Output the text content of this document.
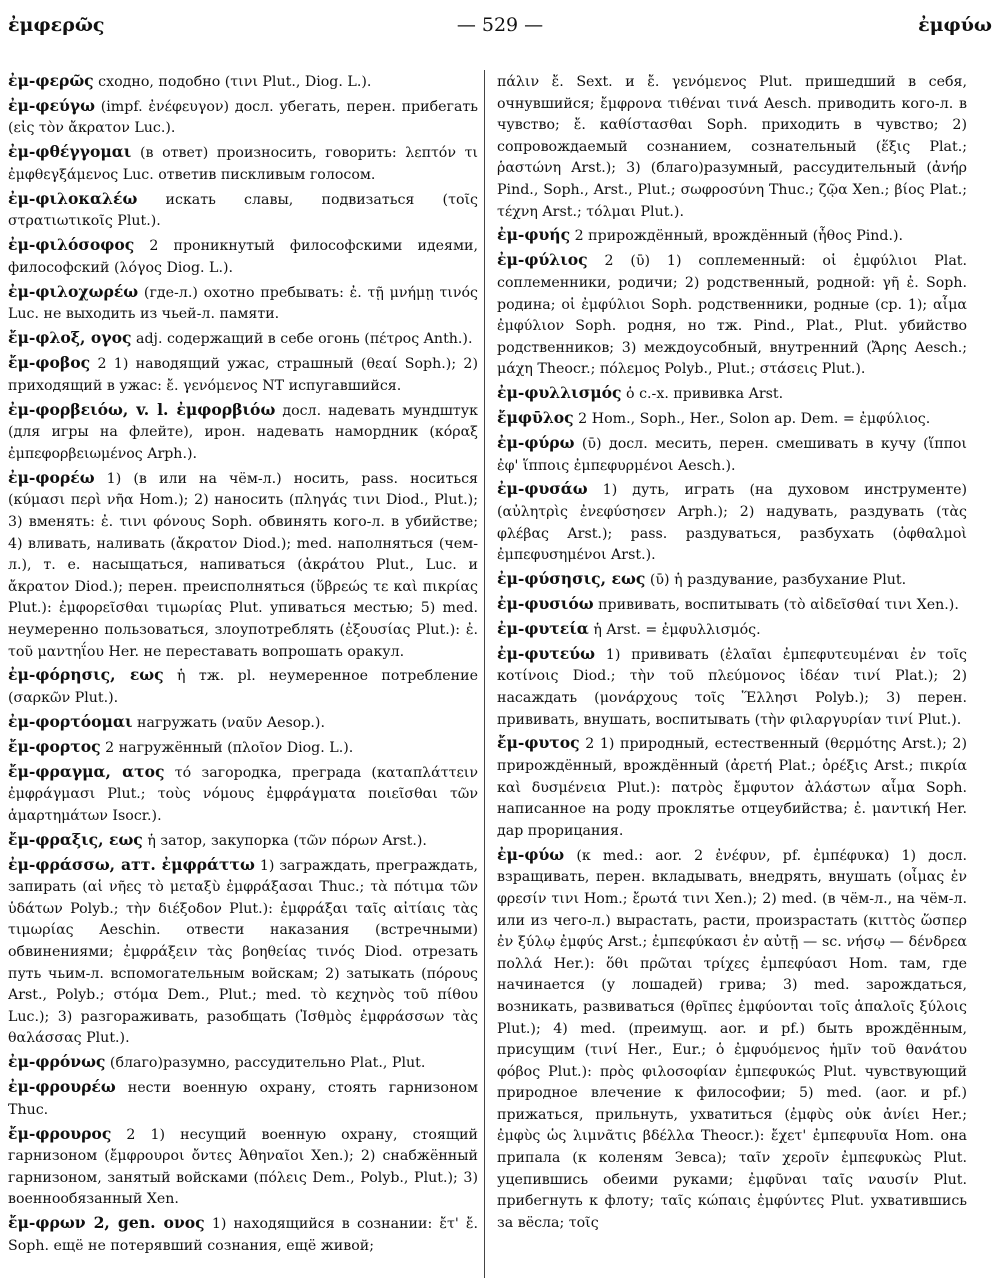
ἐμφερῶς	— 529 —	ἐμφύω
ἐμ-φερῶς сходно, подобно (τινι Plut., Diog. L.).
ἐμ-φεύγω (impf. ἐνέφευγον) досл. убегать, перен. прибегать (εἰς τὸν ἄκρατον Luc.).
ἐμ-φθέγγομαι (в ответ) произносить, говорить: λεπτόν τι ἐμφθεγξάμενος Luc. ответив пискливым голосом.
ἐμ-φιλοκαλέω искать славы, подвизаться (τοῖς στρατιωτικοῖς Plut.).
ἐμ-φιλόσοφος 2 проникнутый философскими идеями, философский (λόγος Diog. L.).
ἐμ-φιλοχωρέω (где-л.) охотно пребывать: ἐ. τῇ μνήμῃ τινός Luc. не выходить из чьей-л. памяти.
ἔμ-φλοξ, ογος adj. содержащий в себе огонь (πέτρος Anth.).
ἔμ-φοβος 2 1) наводящий ужас, страшный (θεαί Soph.); 2) приходящий в ужас: ἔ. γενόμενος NT испугавшийся.
ἐμ-φορβειόω, v. l. ἐμφορβιόω досл. надевать мундштук (для игры на флейте), ирон. надевать намордник (κόραξ ἐμπεφορβειωμένος Arph.).
ἐμ-φορέω 1) (в или на чём-л.) носить, pass. носиться (κύμασι περὶ νῆα Hom.); 2) наносить (πληγάς τινι Diod., Plut.); 3) вменять: ἐ. τινι φόνους Soph. обвинять кого-л. в убийстве; 4) вливать, наливать (ἄκρατον Diod.); med. наполняться (чем-л.), т. е. насыщаться, напиваться (ἀκράτου Plut., Luc. и ἄκρατον Diod.); перен. преисполняться (ὕβρεώς τε καὶ πικρίας Plut.): ἐμφορεῖσθαι τιμωρίας Plut. упиваться местью; 5) med. неумеренно пользоваться, злоупотреблять (ἐξουσίας Plut.): ἐ. τοῦ μαντηΐου Her. не переставать вопрошать оракул.
ἐμ-φόρησις, εως ἡ тж. pl. неумеренное потребление (σαρκῶν Plut.).
ἐμ-φορτόομαι нагружать (ναῦν Aesop.).
ἔμ-φορτος 2 нагружённый (πλοῖον Diog. L.).
ἔμ-φραγμα, ατος τό загородка, преграда (καταπλάττειν ἐμφράγμασι Plut.; τοὺς νόμους ἐμφράγματα ποιεῖσθαι τῶν ἁμαρτημάτων Isocr.).
ἔμ-φραξις, εως ἡ затор, закупорка (τῶν πόρων Arst.).
ἐμ-φράσσω, атт. ἐμφράττω 1) заграждать, преграждать, запирать (αἱ νῆες τὸ μεταξὺ ἐμφράξασαι Thuc.; τὰ πότιμα τῶν ὑδάτων Polyb.; τὴν διέξοδον Plut.): ἐμφράξαι ταῖς αἰτίαις τὰς τιμωρίας Aeschin. отвести наказания (встречными) обвинениями; ἐμφράξειν τὰς βοηθείας τινός Diod. отрезать путь чьим-л. вспомогательным войскам; 2) затыкать (πόρους Arst., Polyb.; στόμα Dem., Plut.; med. τὸ κεχηνὸς τοῦ πίθου Luc.); 3) разгораживать, разобщать (Ἰσθμὸς ἐμφράσσων τὰς θαλάσσας Plut.).
ἐμ-φρόνως (благо)разумно, рассудительно Plat., Plut.
ἐμ-φρουρέω нести военную охрану, стоять гарнизоном Thuc.
ἔμ-φρουρος 2 1) несущий военную охрану, стоящий гарнизоном (ἔμφρουροι ὄντες Ἀθηναῖοι Xen.); 2) снабжённый гарнизоном, занятый войсками (πόλεις Dem., Polyb., Plut.); 3) военнообязанный Xen.
ἔμ-φρων 2, gen. ονος 1) находящийся в сознании: ἔτ' ἔ. Soph. ещё не потерявший сознания, ещё живой;
πάλιν ἔ. Sext. и ἔ. γενόμενος Plut. пришедший в себя, очнувшийся; ἔμφρονα τιθέναι τινά Aesch. приводить кого-л. в чувство; ἔ. καθίστασθαι Soph. приходить в чувство; 2) сопровождаемый сознанием, сознательный (ἕξις Plat.; ῥαστώνη Arst.); 3) (благо)разумный, рассудительный (ἀνήρ Pind., Soph., Arst., Plut.; σωφροσύνη Thuc.; ζῷα Xen.; βίος Plat.; τέχνη Arst.; τόλμαι Plut.).
ἐμ-φυής 2 прирождённый, врождённый (ἦθος Pind.).
ἐμ-φύλιος 2 (ῡ) 1) соплеменный: οἱ ἐμφύλιοι Plat. соплеменники, родичи; 2) родственный, родной: γῆ ἐ. Soph. родина; οἱ ἐμφύλιοι Soph. родственники, родные (ср. 1); αἷμα ἐμφύλιον Soph. родня, но тж. Pind., Plat., Plut. убийство родственников; 3) междоусобный, внутренний (Ἄρης Aesch.; μάχη Theocr.; πόλεμος Polyb., Plut.; στάσεις Plut.).
ἐμ-φυλλισμός ὁ с.-х. прививка Arst.
ἔμφῡλος 2 Hom., Soph., Her., Solon ap. Dem. = ἐμφύλιος.
ἐμ-φύρω (ῡ) досл. месить, перен. смешивать в кучу (ἵπποι ἐφ' ἵπποις ἐμπεφυρμένοι Aesch.).
ἐμ-φυσάω 1) дуть, играть (на духовом инструменте) (αὐλητρὶς ἐνεφύσησεν Arph.); 2) надувать, раздувать (τὰς φλέβας Arst.); pass. раздуваться, разбухать (ὀφθαλμοὶ ἐμπεφυσημένοι Arst.).
ἐμ-φύσησις, εως (ῡ) ἡ раздувание, разбухание Plut.
ἐμ-φυσιόω прививать, воспитывать (τὸ αἰδεῖσθαί τινι Xen.).
ἐμ-φυτεία ἡ Arst. = ἐμφυλλισμός.
ἐμ-φυτεύω 1) прививать (ἐλαῖαι ἐμπεφυτευμέναι ἐν τοῖς κοτίνοις Diod.; τὴν τοῦ πλεύμονος ἰδέαν τινί Plat.); 2) насаждать (μονάρχους τοῖς Ἕλλησι Polyb.); 3) перен. прививать, внушать, воспитывать (τὴν φιλαργυρίαν τινί Plut.).
ἔμ-φυτος 2 1) природный, естественный (θερμότης Arst.); 2) прирождённый, врождённый (ἀρετή Plat.; ὀρέξις Arst.; πικρία καὶ δυσμένεια Plut.): πατρὸς ἔμφυτον ἀλάστων αἷμα Soph. написанное на роду проклятье отцеубийства; ἐ. μαντική Her. дар прорицания.
ἐμ-φύω (к med.: aor. 2 ἐνέφυν, pf. ἐμπέφυκα) 1) досл. взращивать, перен. вкладывать, внедрять, внушать (οἶμας ἐν φρεσίν τινι Hom.; ἔρωτά τινι Xen.); 2) med. (в чём-л., на чём-л. или из чего-л.) вырастать, расти, произрастать (κιττὸς ὥσπερ ἐν ξύλῳ ἐμφύς Arst.; ἐμπεφύκασι ἐν αὐτῇ — sc. νήσῳ — δένδρεα πολλά Her.): ὅθι πρῶται τρίχες ἐμπεφύασι Hom. там, где начинается (у лошадей) грива; 3) med. зарождаться, возникать, развиваться (θρῖπες ἐμφύονται τοῖς ἁπαλοῖς ξύλοις Plut.); 4) med. (преимущ. aor. и pf.) быть врождённым, присущим (τινί Her., Eur.; ὁ ἐμφυόμενος ἡμῖν τοῦ θανάτου φόβος Plut.): πρὸς φιλοσοφίαν ἐμπεφυκώς Plut. чувствующий природное влечение к философии; 5) med. (aor. и pf.) прижаться, прильнуть, ухватиться (ἐμφὺς οὐκ ἀνίει Her.; ἐμφὺς ὡς λιμνᾶτις βδέλλα Theocr.): ἔχετ' ἐμπεφυυῖα Hom. она припала (к коленям Зевса); ταῖν χεροῖν ἐμπεφυκὼς Plut. уцепившись обеими руками; ἐμφῦναι ταῖς ναυσίν Plut. прибегнуть к флоту; ταῖς κώπαις ἐμφύντες Plut. ухватившись за вёсла; τοῖς
